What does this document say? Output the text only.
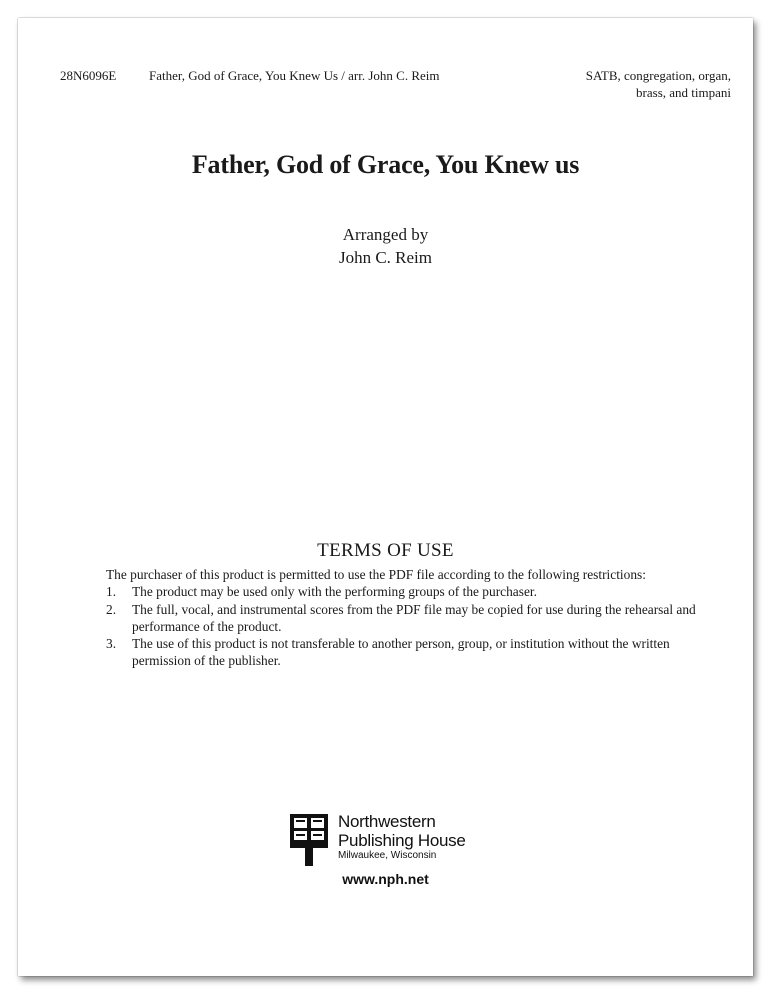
28N6096E	Father, God of Grace, You Knew Us / arr. John C. Reim	SATB, congregation, organ,
brass, and timpani
Father, God of Grace, You Knew us
Arranged by
John C. Reim
TERMS OF USE

The purchaser of this product is permitted to use the PDF file according to the following restrictions:

1. The product may be used only with the performing groups of the purchaser.
2. The full, vocal, and instrumental scores from the PDF file may be copied for use during the rehearsal and performance of the product.
3. The use of this product is not transferable to another person, group, or institution without the written permission of the publisher.
Northwestern
Publishing House
Milwaukee, Wisconsin
www.nph.net
